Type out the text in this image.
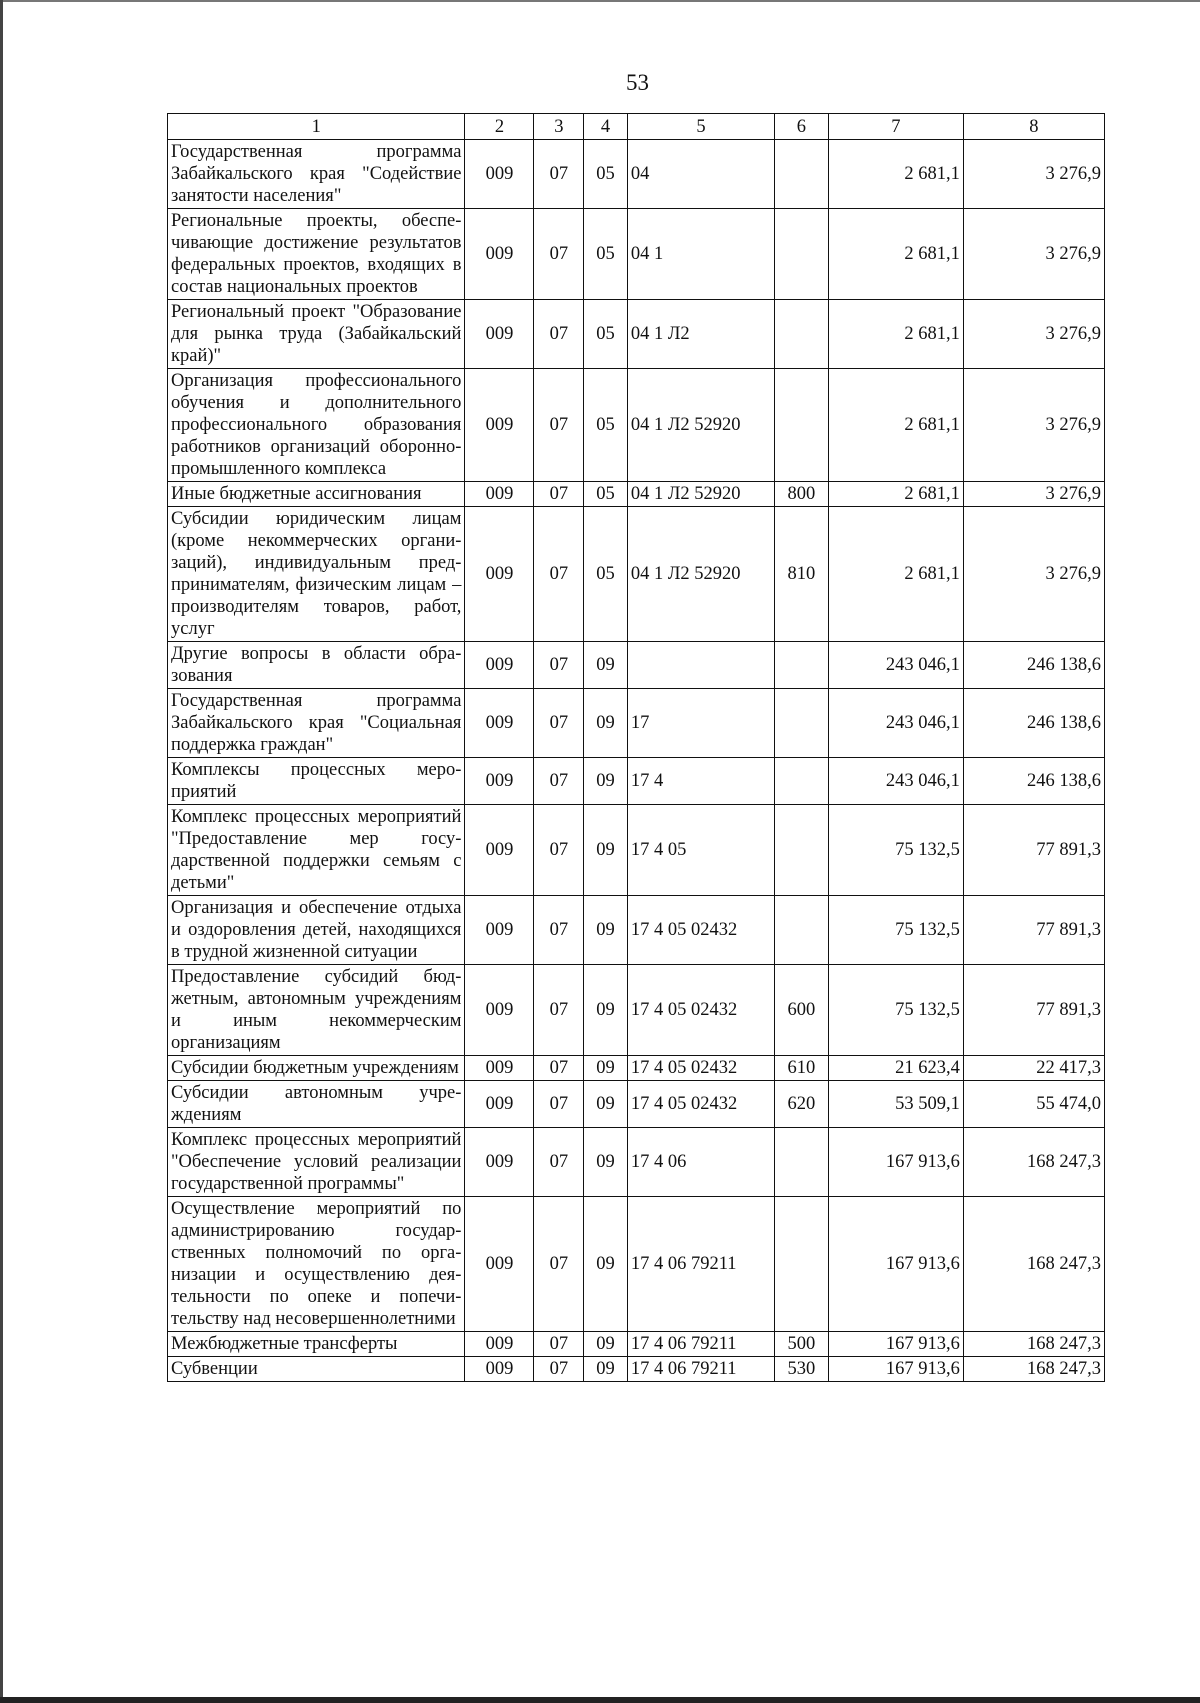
53
1	2	3	4	5	6	7	8
Государственная программа Забайкальского края "Содействие занятости населения"	009	07	05	04		2 681,1	3 276,9
Региональные проекты, обеспечивающие достижение результатов федеральных проектов, входящих в состав национальных проектов	009	07	05	04 1		2 681,1	3 276,9
Региональный проект "Образование для рынка труда (Забайкальский край)"	009	07	05	04 1 Л2		2 681,1	3 276,9
Организация профессионального обучения и дополнительного профессионального образования работников организаций оборонно-промышленного комплекса	009	07	05	04 1 Л2 52920		2 681,1	3 276,9
Иные бюджетные ассигнования	009	07	05	04 1 Л2 52920	800	2 681,1	3 276,9
Субсидии юридическим лицам (кроме некоммерческих организаций), индивидуальным предпринимателям, физическим лицам – производителям товаров, работ, услуг	009	07	05	04 1 Л2 52920	810	2 681,1	3 276,9
Другие вопросы в области образования	009	07	09			243 046,1	246 138,6
Государственная программа Забайкальского края "Социальная поддержка граждан"	009	07	09	17		243 046,1	246 138,6
Комплексы процессных мероприятий	009	07	09	17 4		243 046,1	246 138,6
Комплекс процессных мероприятий "Предоставление мер государственной поддержки семьям с детьми"	009	07	09	17 4 05		75 132,5	77 891,3
Организация и обеспечение отдыха и оздоровления детей, находящихся в трудной жизненной ситуации	009	07	09	17 4 05 02432		75 132,5	77 891,3
Предоставление субсидий бюджетным, автономным учреждениям и иным некоммерческим организациям	009	07	09	17 4 05 02432	600	75 132,5	77 891,3
Субсидии бюджетным учреждениям	009	07	09	17 4 05 02432	610	21 623,4	22 417,3
Субсидии автономным учреждениям	009	07	09	17 4 05 02432	620	53 509,1	55 474,0
Комплекс процессных мероприятий "Обеспечение условий реализации государственной программы"	009	07	09	17 4 06		167 913,6	168 247,3
Осуществление мероприятий по администрированию государственных полномочий по организации и осуществлению деятельности по опеке и попечительству над несовершеннолетними	009	07	09	17 4 06 79211		167 913,6	168 247,3
Межбюджетные трансферты	009	07	09	17 4 06 79211	500	167 913,6	168 247,3
Субвенции	009	07	09	17 4 06 79211	530	167 913,6	168 247,3
